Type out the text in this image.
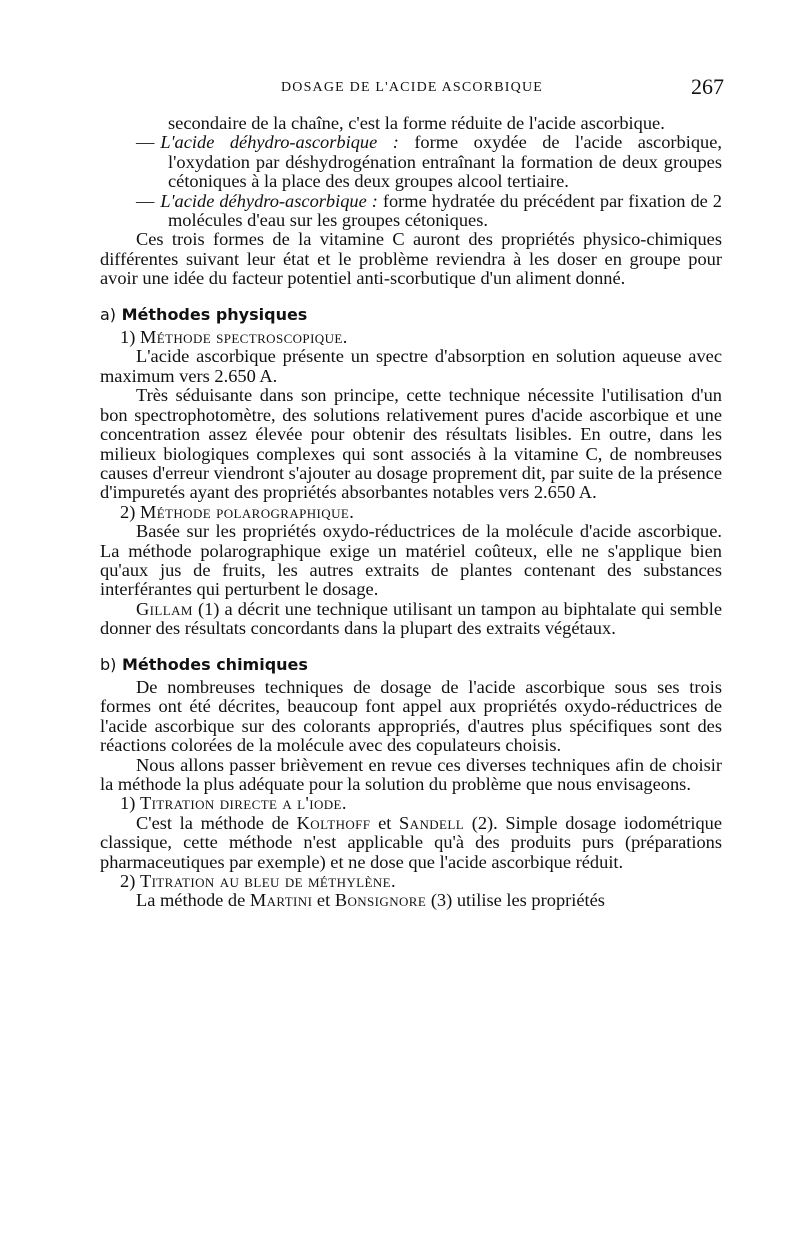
DOSAGE DE L'ACIDE ASCORBIQUE	267

secondaire de la chaîne, c'est la forme réduite de l'acide ascorbique.

— L'acide déhydro-ascorbique : forme oxydée de l'acide ascorbique, l'oxydation par déshydrogénation entraînant la formation de deux groupes cétoniques à la place des deux groupes alcool tertiaire.

— L'acide déhydro-ascorbique : forme hydratée du précédent par fixation de 2 molécules d'eau sur les groupes cétoniques.

Ces trois formes de la vitamine C auront des propriétés physico-chimiques différentes suivant leur état et le problème reviendra à les doser en groupe pour avoir une idée du facteur potentiel anti-scorbutique d'un aliment donné.

a) Méthodes physiques

1) Méthode spectroscopique.

L'acide ascorbique présente un spectre d'absorption en solution aqueuse avec maximum vers 2.650 A.

Très séduisante dans son principe, cette technique nécessite l'utilisation d'un bon spectrophotomètre, des solutions relativement pures d'acide ascorbique et une concentration assez élevée pour obtenir des résultats lisibles. En outre, dans les milieux biologiques complexes qui sont associés à la vitamine C, de nombreuses causes d'erreur viendront s'ajouter au dosage proprement dit, par suite de la présence d'impuretés ayant des propriétés absorbantes notables vers 2.650 A.

2) Méthode polarographique.

Basée sur les propriétés oxydo-réductrices de la molécule d'acide ascorbique. La méthode polarographique exige un matériel coûteux, elle ne s'applique bien qu'aux jus de fruits, les autres extraits de plantes contenant des substances interférantes qui perturbent le dosage.

Gillam (1) a décrit une technique utilisant un tampon au biphtalate qui semble donner des résultats concordants dans la plupart des extraits végétaux.

b) Méthodes chimiques

De nombreuses techniques de dosage de l'acide ascorbique sous ses trois formes ont été décrites, beaucoup font appel aux propriétés oxydo-réductrices de l'acide ascorbique sur des colorants appropriés, d'autres plus spécifiques sont des réactions colorées de la molécule avec des copulateurs choisis.

Nous allons passer brièvement en revue ces diverses techniques afin de choisir la méthode la plus adéquate pour la solution du problème que nous envisageons.

1) Titration directe a l'iode.

C'est la méthode de Kolthoff et Sandell (2). Simple dosage iodométrique classique, cette méthode n'est applicable qu'à des produits purs (préparations pharmaceutiques par exemple) et ne dose que l'acide ascorbique réduit.

2) Titration au bleu de méthylène.

La méthode de Martini et Bonsignore (3) utilise les propriétés
